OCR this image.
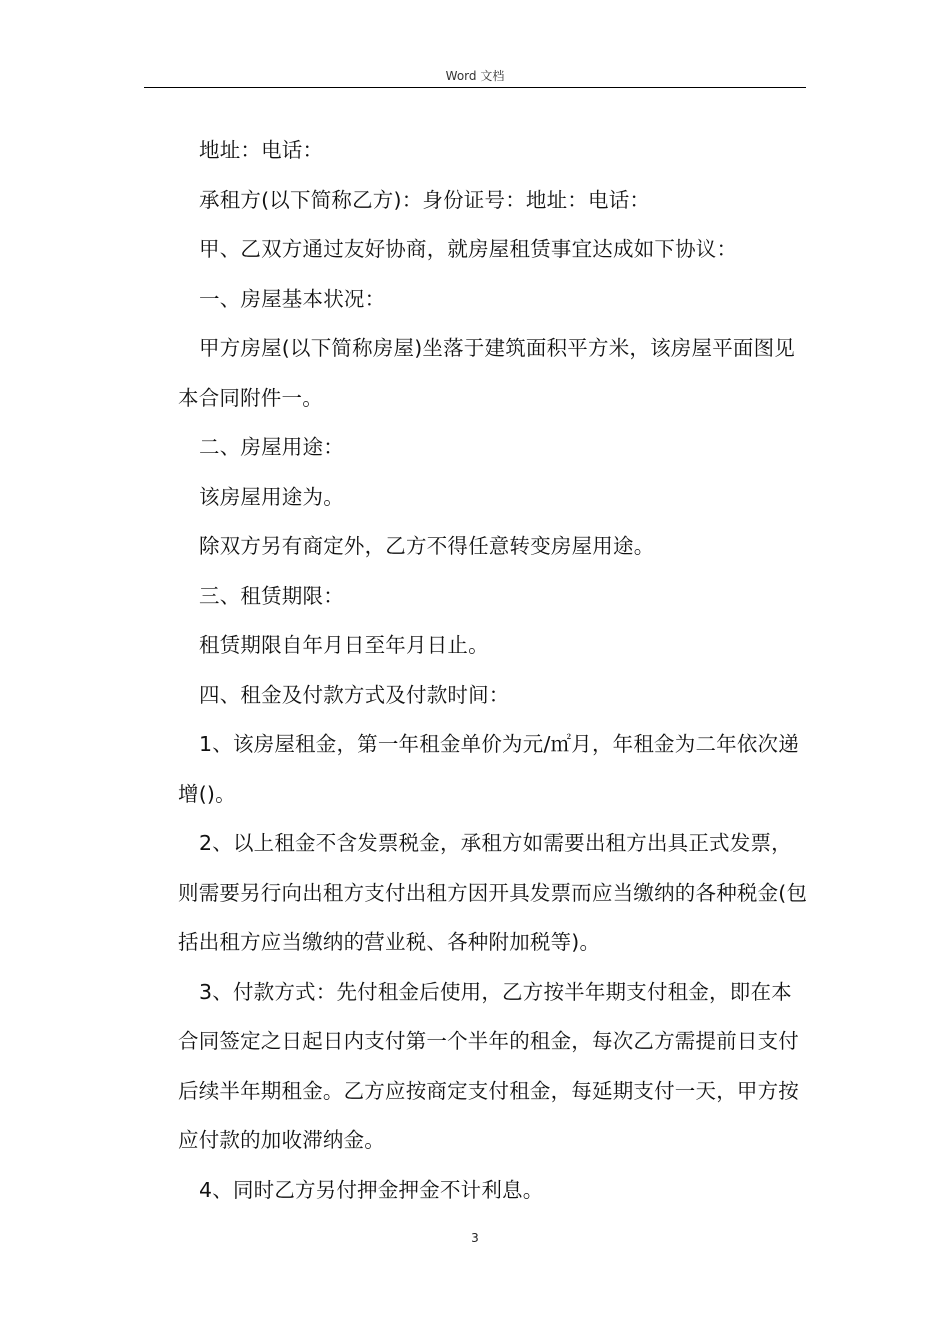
Word 文档

地址：电话：

承租方(以下简称乙方)：身份证号：地址：电话：

甲、乙双方通过友好协商，就房屋租赁事宜达成如下协议：

一、房屋基本状况：

甲方房屋(以下简称房屋)坐落于建筑面积平方米，该房屋平面图见本合同附件一。

二、房屋用途：

该房屋用途为。

除双方另有商定外，乙方不得任意转变房屋用途。

三、租赁期限：

租赁期限自年月日至年月日止。

四、租金及付款方式及付款时间：

1、该房屋租金，第一年租金单价为元/㎡月，年租金为二年依次递增()。

2、以上租金不含发票税金，承租方如需要出租方出具正式发票，则需要另行向出租方支付出租方因开具发票而应当缴纳的各种税金(包括出租方应当缴纳的营业税、各种附加税等)。

3、付款方式：先付租金后使用，乙方按半年期支付租金，即在本合同签定之日起日内支付第一个半年的租金，每次乙方需提前日支付后续半年期租金。乙方应按商定支付租金，每延期支付一天，甲方按应付款的加收滞纳金。

4、同时乙方另付押金押金不计利息。

3
